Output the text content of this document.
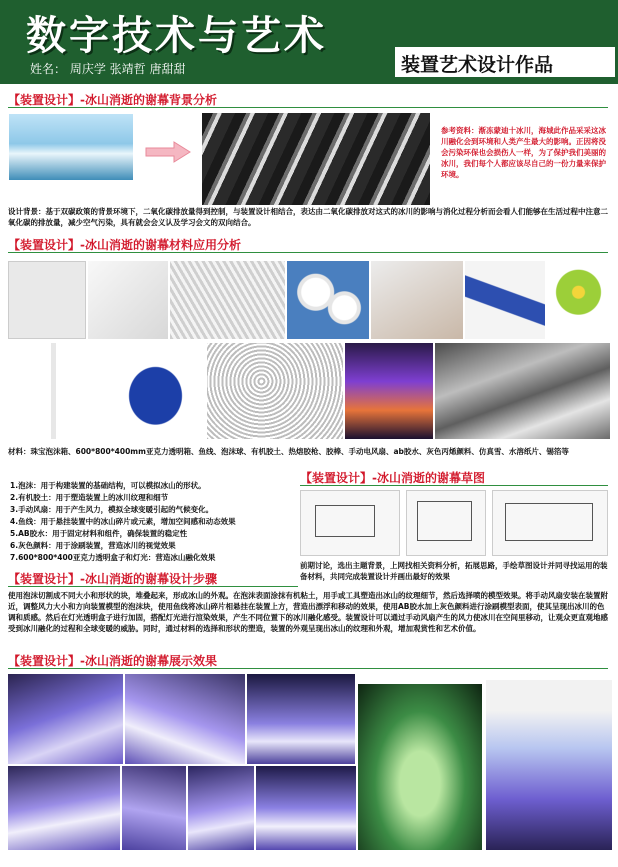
数字技术与艺术
姓名： 周庆学 张靖哲 唐甜甜	装置艺术设计作品
【装置设计】-冰山消逝的谢幕背景分析
参考资料：渐冻蒙迪十冰川，海城此作品采采这冰川融化会到环境和人类产生最大的影响。正因将没会污染环保也会损伤人一样，为了保护我们美丽的冰川，我们每个人都应该尽自己的一份力量来保护环境。
设计背景：基于双碳政策的背景环境下，二氧化碳排放量得到控制，与装置设计相结合，表达由二氧化碳排放对这式的冰川的影响与消化过程分析而会看人们能够在生活过程中注意二氧化碳的排放量，减少空气污染，具有就会会义认及学习会文的双向结合。
【装置设计】-冰山消逝的谢幕材料应用分析
材料：珠宝泡沫箱、600*800*400mm亚克力透明箱、鱼线、泡沫球、有机胶土、热熔胶枪、胶棒、手动电风扇、ab胶水、灰色丙烯颜料、仿真雪、水溶纸片、锡箔等
1.泡沫：用于构建装置的基础结构，可以模拟冰山的形状。
2.有机胶土：用于塑造装置上的冰川纹理和细节
3.手动风扇：用于产生风力，模拟全球变暖引起的气候变化。
4.鱼线：用于悬挂装置中的冰山碎片或元素，增加空间感和动态效果
5.AB胶水：用于固定材料和组件，确保装置的稳定性
6.灰色颜料：用于涂刷装置，营造冰川的视觉效果
7.600*800*400亚克力透明盒子和灯光：营造冰山融化效果
【装置设计】-冰山消逝的谢幕草图
前期讨论，选出主题背景，上网找相关资料分析，拓展思路，手绘草图设计并同寻找运用的装备材料，共同完成装置设计并画出最好的效果
【装置设计】-冰山消逝的谢幕设计步骤
使用泡沫切割成不同大小和形状的块，堆叠起来，形成冰山的外观。在泡沫表面涂抹有机粘土，用手或工具塑造出冰山的纹理细节，然后选择喷的模型效果。将手动风扇安装在装置附近，调整风力大小和方向装置模型的泡沫块，使用鱼线将冰山碎片相悬挂在装置上方，营造出漂浮和移动的效果，使用AB胶水加上灰色颜料进行涂刷模型表面，使其呈现出冰川的色调和质感。然后在灯光透明盒子进行加固，搭配灯光进行渲染效果，产生不同位置下的冰川融化感受。装置设计可以通过手动风扇产生的风力使冰川在空间里移动，让观众更直观地感受到冰川融化的过程和全球变暖的威胁。同时，通过材料的选择和形状的塑造，装置的外观呈现出冰山的纹理和外观，增加观赏性和艺术价值。
【装置设计】-冰山消逝的谢幕展示效果
